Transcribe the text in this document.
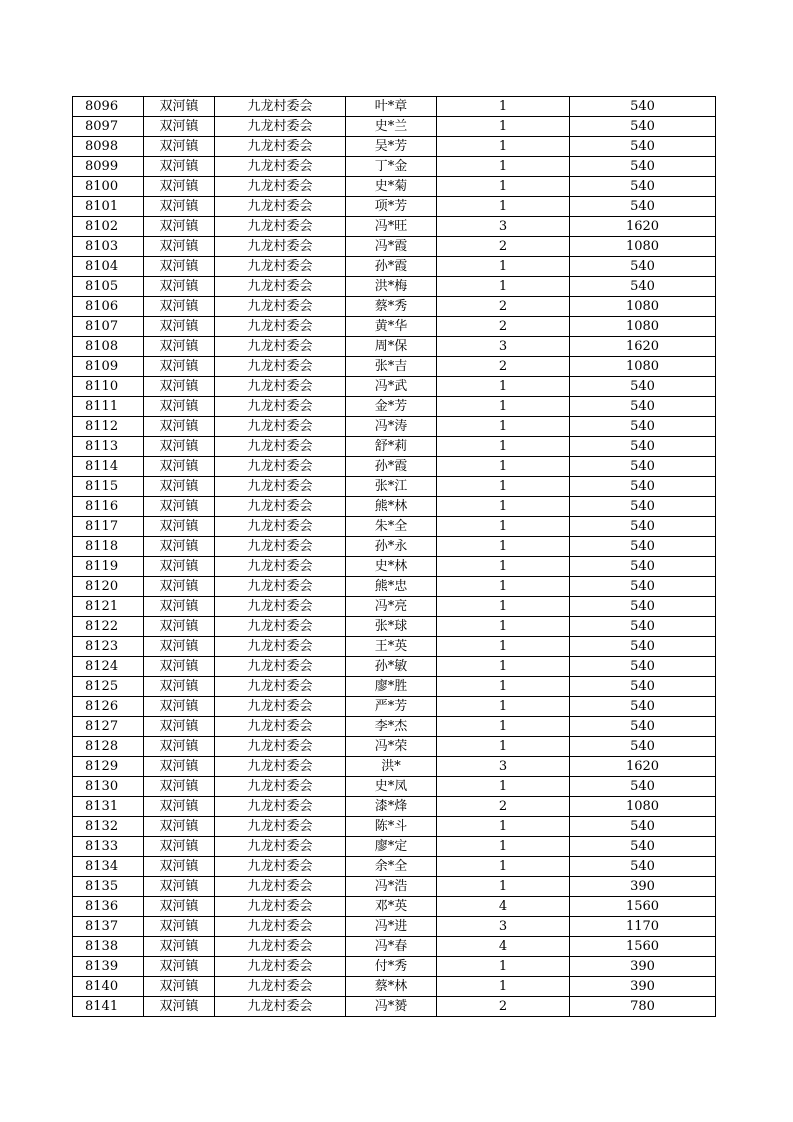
8096	双河镇	九龙村委会	叶*章	1	540
8097	双河镇	九龙村委会	史*兰	1	540
8098	双河镇	九龙村委会	吴*芳	1	540
8099	双河镇	九龙村委会	丁*金	1	540
8100	双河镇	九龙村委会	史*菊	1	540
8101	双河镇	九龙村委会	项*芳	1	540
8102	双河镇	九龙村委会	冯*旺	3	1620
8103	双河镇	九龙村委会	冯*霞	2	1080
8104	双河镇	九龙村委会	孙*霞	1	540
8105	双河镇	九龙村委会	洪*梅	1	540
8106	双河镇	九龙村委会	蔡*秀	2	1080
8107	双河镇	九龙村委会	黄*华	2	1080
8108	双河镇	九龙村委会	周*保	3	1620
8109	双河镇	九龙村委会	张*吉	2	1080
8110	双河镇	九龙村委会	冯*武	1	540
8111	双河镇	九龙村委会	金*芳	1	540
8112	双河镇	九龙村委会	冯*涛	1	540
8113	双河镇	九龙村委会	舒*莉	1	540
8114	双河镇	九龙村委会	孙*霞	1	540
8115	双河镇	九龙村委会	张*江	1	540
8116	双河镇	九龙村委会	熊*林	1	540
8117	双河镇	九龙村委会	朱*全	1	540
8118	双河镇	九龙村委会	孙*永	1	540
8119	双河镇	九龙村委会	史*林	1	540
8120	双河镇	九龙村委会	熊*忠	1	540
8121	双河镇	九龙村委会	冯*亮	1	540
8122	双河镇	九龙村委会	张*球	1	540
8123	双河镇	九龙村委会	王*英	1	540
8124	双河镇	九龙村委会	孙*敏	1	540
8125	双河镇	九龙村委会	廖*胜	1	540
8126	双河镇	九龙村委会	严*芳	1	540
8127	双河镇	九龙村委会	李*杰	1	540
8128	双河镇	九龙村委会	冯*荣	1	540
8129	双河镇	九龙村委会	洪*	3	1620
8130	双河镇	九龙村委会	史*凤	1	540
8131	双河镇	九龙村委会	漆*烽	2	1080
8132	双河镇	九龙村委会	陈*斗	1	540
8133	双河镇	九龙村委会	廖*定	1	540
8134	双河镇	九龙村委会	余*全	1	540
8135	双河镇	九龙村委会	冯*浩	1	390
8136	双河镇	九龙村委会	邓*英	4	1560
8137	双河镇	九龙村委会	冯*进	3	1170
8138	双河镇	九龙村委会	冯*春	4	1560
8139	双河镇	九龙村委会	付*秀	1	390
8140	双河镇	九龙村委会	蔡*林	1	390
8141	双河镇	九龙村委会	冯*赟	2	780
